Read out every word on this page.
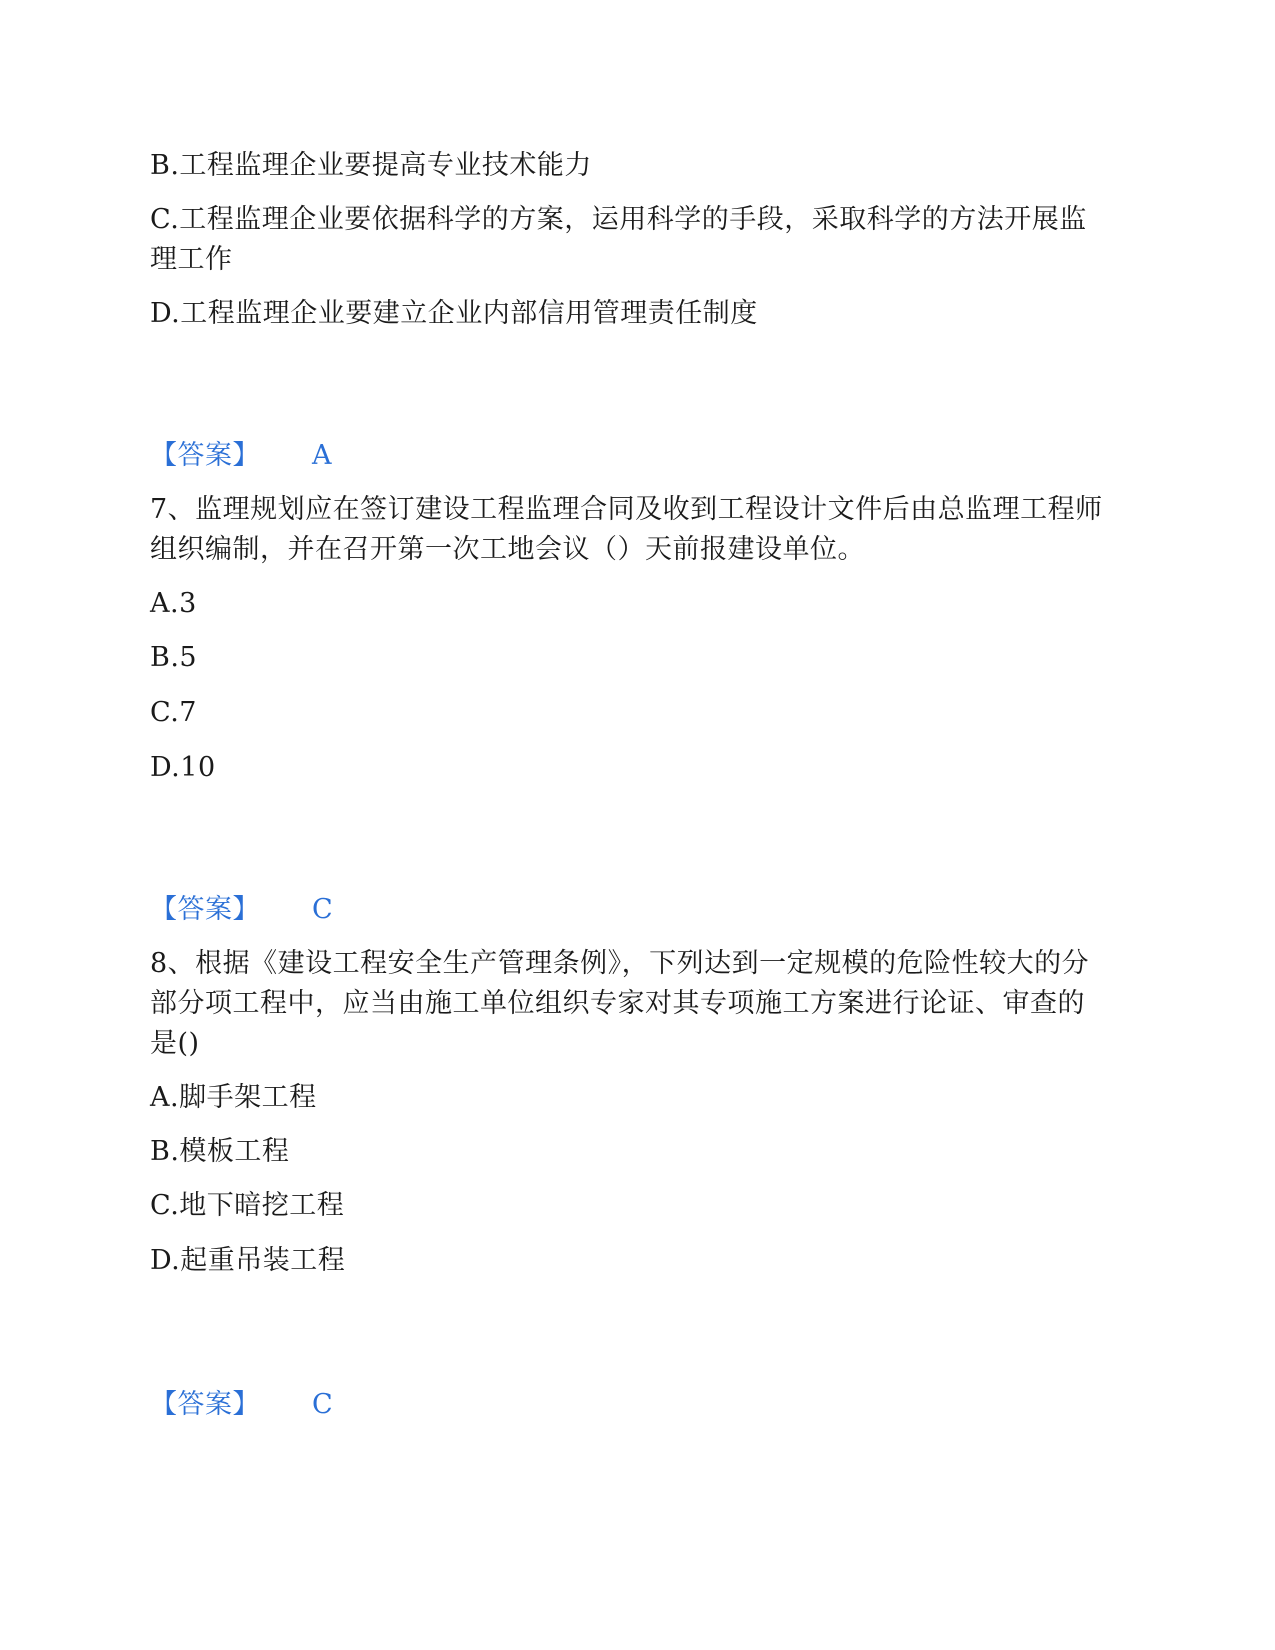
B.工程监理企业要提高专业技术能力
C.工程监理企业要依据科学的方案，运用科学的手段，采取科学的方法开展监理工作
D.工程监理企业要建立企业内部信用管理责任制度
【答案】 A
7、监理规划应在签订建设工程监理合同及收到工程设计文件后由总监理工程师组织编制，并在召开第一次工地会议（）天前报建设单位。
A.3
B.5
C.7
D.10
【答案】 C
8、根据《建设工程安全生产管理条例》，下列达到一定规模的危险性较大的分部分项工程中，应当由施工单位组织专家对其专项施工方案进行论证、审查的是()
A.脚手架工程
B.模板工程
C.地下暗挖工程
D.起重吊装工程
【答案】 C
